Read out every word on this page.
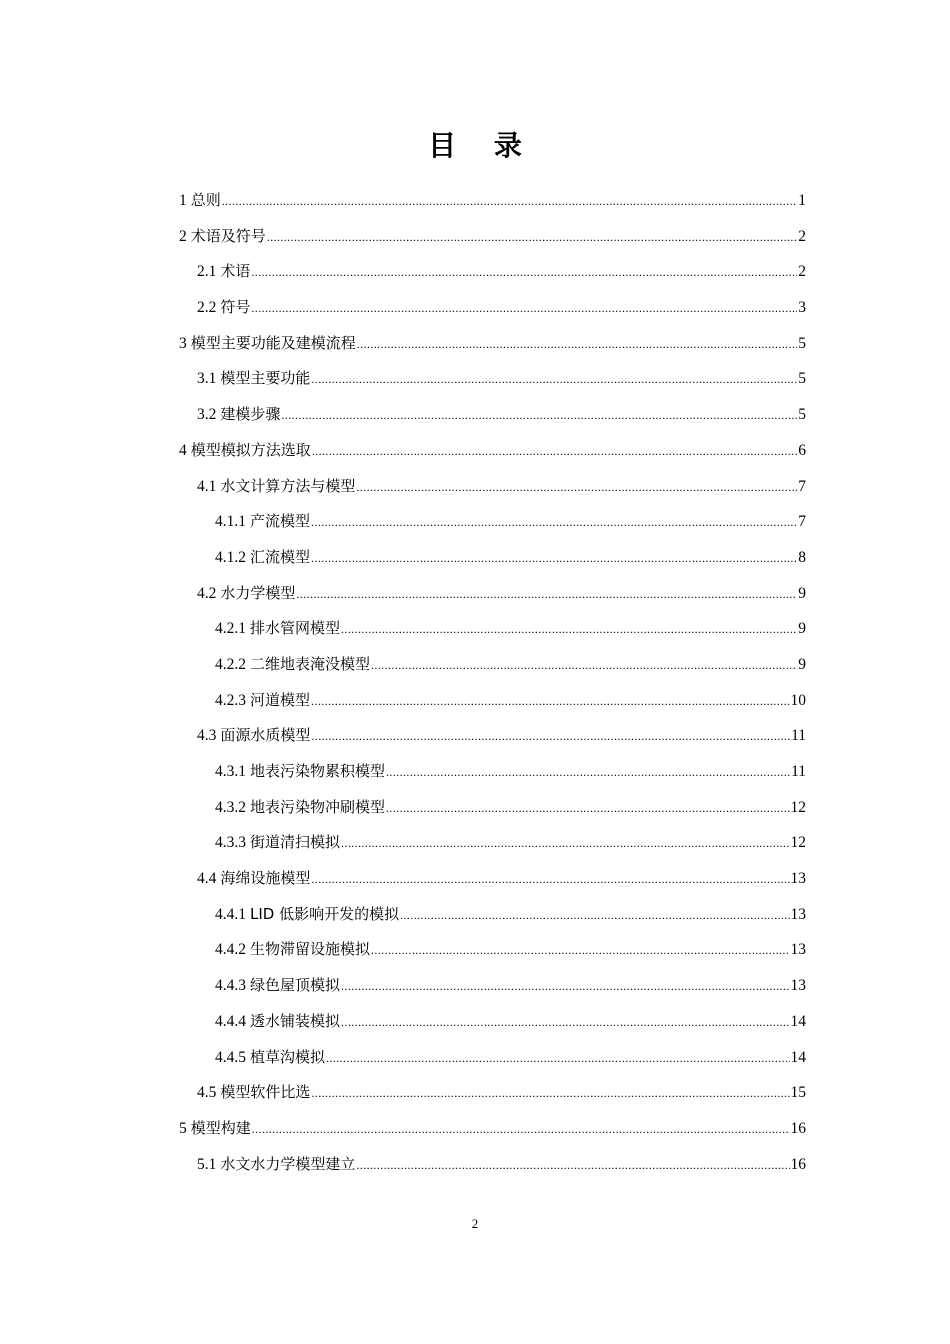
目 录
1 总则 .....	1
2 术语及符号 .....	2
2.1 术语 .....	2
2.2 符号 .....	3
3 模型主要功能及建模流程 .....	5
3.1 模型主要功能 .....	5
3.2 建模步骤 .....	5
4 模型模拟方法选取 .....	6
4.1 水文计算方法与模型 .....	7
4.1.1 产流模型 .....	7
4.1.2 汇流模型 .....	8
4.2 水力学模型 .....	9
4.2.1 排水管网模型 .....	9
4.2.2 二维地表淹没模型 .....	9
4.2.3 河道模型 .....	10
4.3 面源水质模型 .....	11
4.3.1 地表污染物累积模型 .....	11
4.3.2 地表污染物冲刷模型 .....	12
4.3.3 街道清扫模拟 .....	12
4.4 海绵设施模型 .....	13
4.4.1 LID 低影响开发的模拟 .....	13
4.4.2 生物滞留设施模拟 .....	13
4.4.3 绿色屋顶模拟 .....	13
4.4.4 透水铺装模拟 .....	14
4.4.5 植草沟模拟 .....	14
4.5 模型软件比选 .....	15
5 模型构建 .....	16
5.1 水文水力学模型建立 .....	16
2
